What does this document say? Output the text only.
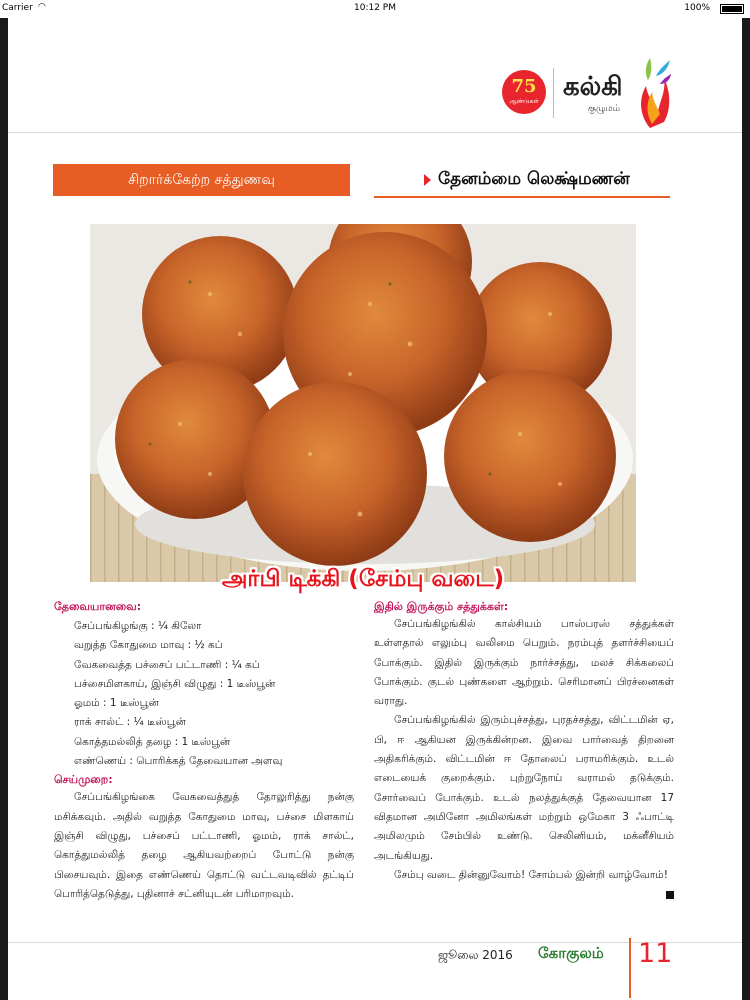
Carrier ◠	10:12 PM	100%
75
ஆண்டுகள் கல்கி
குழுமம்
சிறார்க்கேற்ற சத்துணவு	தேனம்மை லெக்ஷ்மணன்
அர்பி டிக்கி (சேம்பு வடை)
தேவையானவை:
சேப்பங்கிழங்கு : ¼ கிலோ
வறுத்த கோதுமை மாவு : ½ கப்
வேகவைத்த பச்சைப் பட்டாணி : ¼ கப்
பச்சைமிளகாய், இஞ்சி விழுது : 1 டீஸ்பூன்
ஓமம் : 1 டீஸ்பூன்
ராக் சால்ட் : ¼ டீஸ்பூன்
கொத்தமல்லித் தழை : 1 டீஸ்பூன்
எண்ணெய் : பொரிக்கத் தேவையான அளவு
செய்முறை:

சேப்பங்கிழங்கை வேகவைத்துத் தோலுரித்து நன்கு மசிக்கவும். அதில் வறுத்த கோதுமை மாவு, பச்சை மிளகாய் இஞ்சி விழுது, பச்சைப் பட்டாணி, ஓமம், ராக் சால்ட், கொத்துமல்லித் தழை ஆகியவற்றைப் போட்டு நன்கு பிசையவும். இதை எண்ணெய் தொட்டு வட்டவடிவில் தட்டிப் பொரித்தெடுத்து, புதினாச் சட்னியுடன் பரிமாறவும்.

இதில் இருக்கும் சத்துக்கள்:

சேப்பங்கிழங்கில் கால்சியம் பாஸ்பரஸ் சத்துக்கள் உள்ளதால் எலும்பு வலிமை பெறும். நரம்புத் தளர்ச்சியைப் போக்கும். இதில் இருக்கும் நார்ச்சத்து, மலச் சிக்கலைப் போக்கும். குடல் புண்களை ஆற்றும். செரிமானப் பிரச்னைகள் வராது.

சேப்பங்கிழங்கில் இரும்புச்சத்து, புரதச்சத்து, விட்டமின் ஏ, பி, ஈ ஆகியன இருக்கின்றன. இவை பார்வைத் திறனை அதிகரிக்கும். விட்டமின் ஈ தோலைப் பராமரிக்கும். உடல் எடையைக் குறைக்கும். புற்றுநோய் வராமல் தடுக்கும். சோர்வைப் போக்கும். உடல் நலத்துக்குத் தேவையான 17 விதமான அமினோ அமிலங்கள் மற்றும் ஒமேகா 3 ஃபாட்டி அமிலமும் சேம்பில் உண்டு. செலினியம், மக்னீசியம் அடங்கியது.

சேம்பு வடை தின்னுவோம்! சோம்பல் இன்றி வாழ்வோம்!

ஜூலை 2016 கோகுலம் 11
